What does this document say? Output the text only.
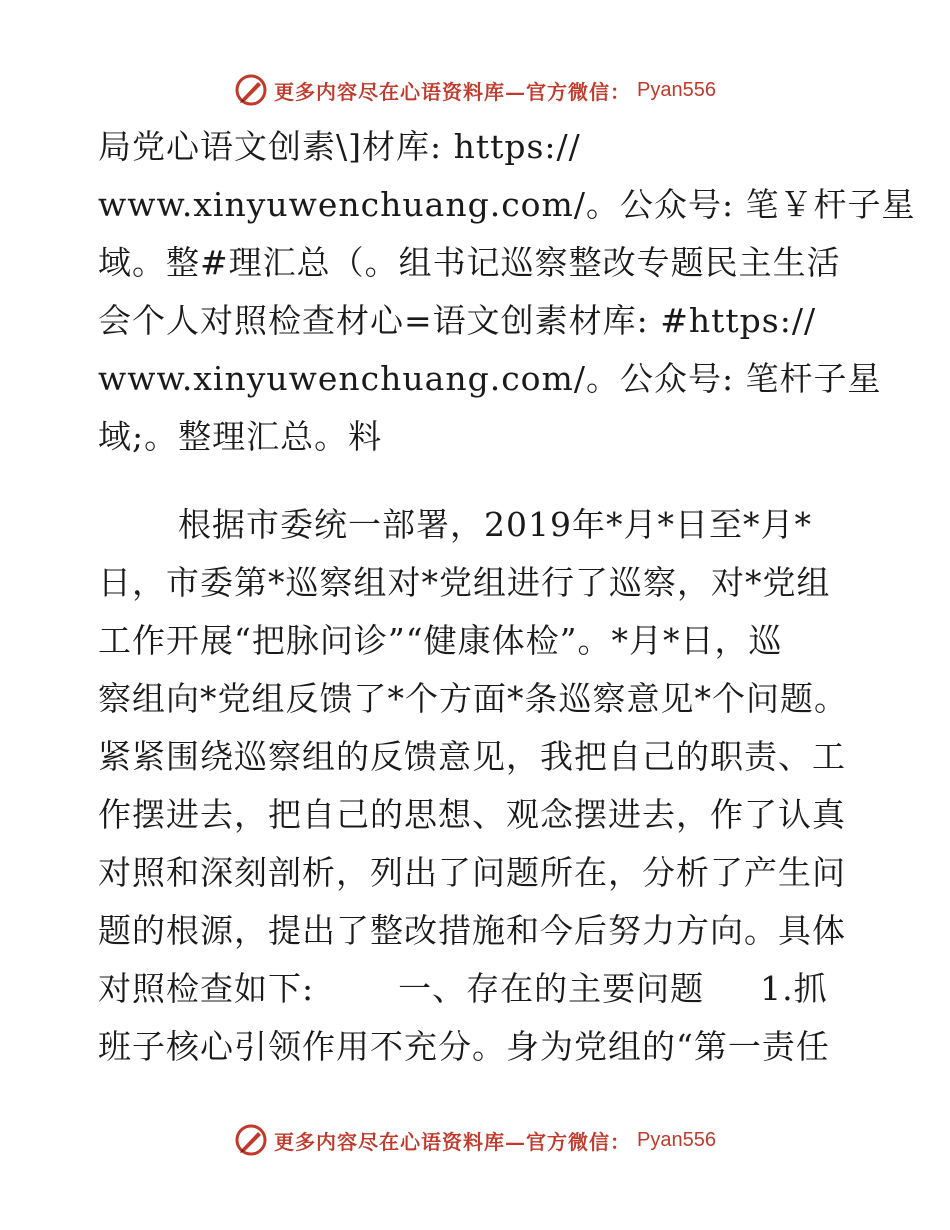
更多内容尽在心语资料库—官方微信： Pyan556
局党心语文创素\]材库: https://
www.xinyuwenchuang.com/。公众号: 笔￥杆子星
域。整#理汇总（。组书记巡察整改专题民主生活
会个人对照检查材心=语文创素材库: #https://
www.xinyuwenchuang.com/。公众号: 笔杆子星
域;。整理汇总。料
根据市委统一部署，2019年*月*日至*月*
日，市委第*巡察组对*党组进行了巡察，对*党组
工作开展“把脉问诊”“健康体检”。*月*日，巡
察组向*党组反馈了*个方面*条巡察意见*个问题。
紧紧围绕巡察组的反馈意见，我把自己的职责、工
作摆进去，把自己的思想、观念摆进去，作了认真
对照和深刻剖析，列出了问题所在，分析了产生问
题的根源，提出了整改措施和今后努力方向。具体
对照检查如下:	一、存在的主要问题 1.抓
班子核心引领作用不充分。身为党组的“第一责任
更多内容尽在心语资料库—官方微信： Pyan556
